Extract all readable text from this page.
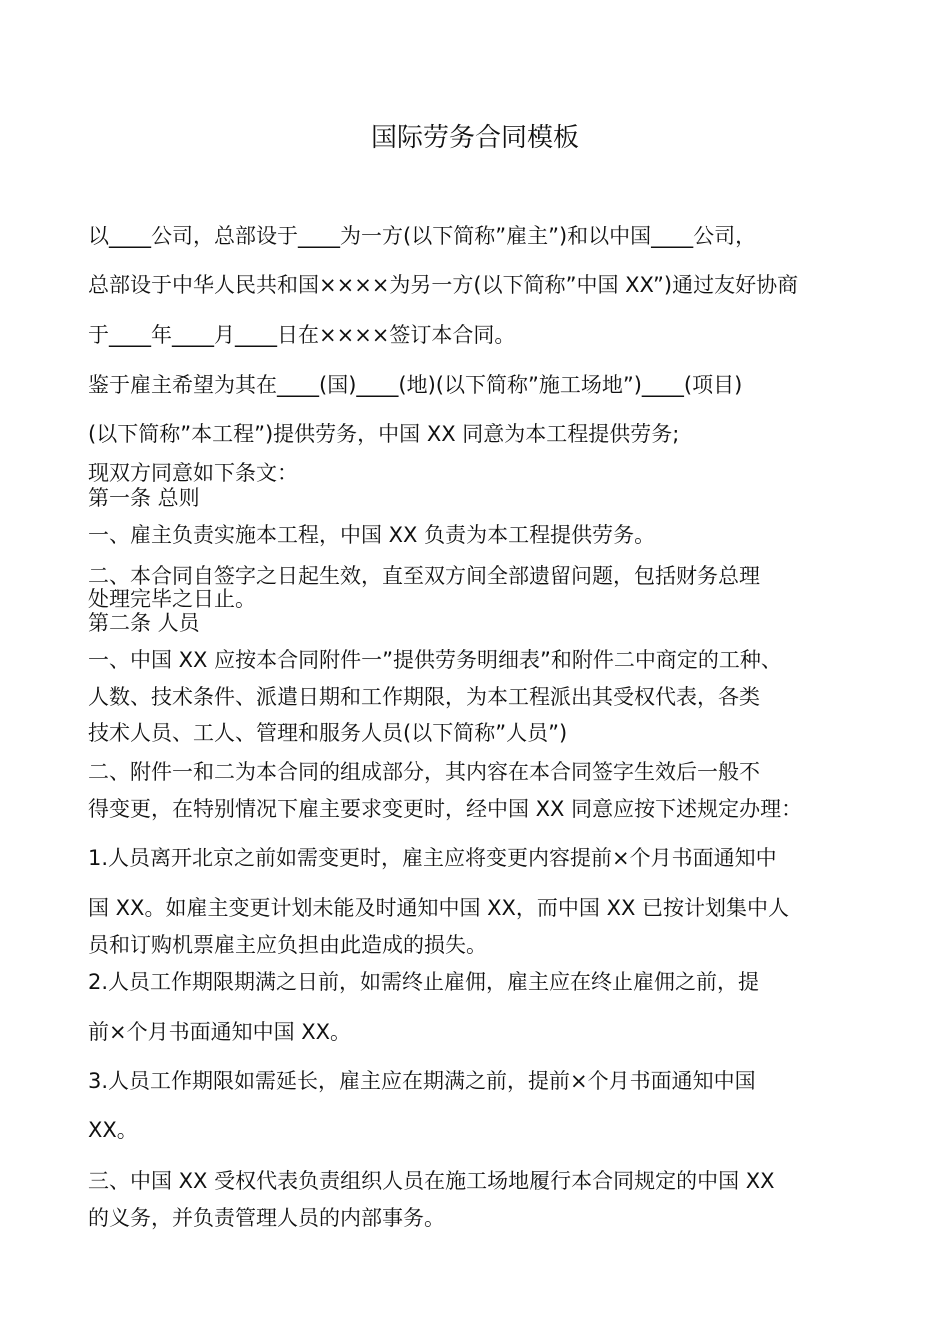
国际劳务合同模板
以____公司，总部设于____为一方(以下简称”雇主”)和以中国____公司，
总部设于中华人民共和国××××为另一方(以下简称”中国 XX”)通过友好协商
于____年____月____日在××××签订本合同。
鉴于雇主希望为其在____(国)____(地)(以下简称”施工场地”)____(项目)
(以下简称”本工程”)提供劳务，中国 XX 同意为本工程提供劳务;
现双方同意如下条文：
第一条 总则
一、雇主负责实施本工程，中国 XX 负责为本工程提供劳务。
二、本合同自签字之日起生效，直至双方间全部遗留问题，包括财务总理
处理完毕之日止。
第二条 人员
一、中国 XX 应按本合同附件一”提供劳务明细表”和附件二中商定的工种、
人数、技术条件、派遣日期和工作期限，为本工程派出其受权代表，各类
技术人员、工人、管理和服务人员(以下简称”人员”)
二、附件一和二为本合同的组成部分，其内容在本合同签字生效后一般不
得变更，在特别情况下雇主要求变更时，经中国 XX 同意应按下述规定办理：
1.人员离开北京之前如需变更时，雇主应将变更内容提前×个月书面通知中
国 XX。如雇主变更计划未能及时通知中国 XX，而中国 XX 已按计划集中人
员和订购机票雇主应负担由此造成的损失。
2.人员工作期限期满之日前，如需终止雇佣，雇主应在终止雇佣之前，提
前×个月书面通知中国 XX。
3.人员工作期限如需延长，雇主应在期满之前，提前×个月书面通知中国
XX。
三、中国 XX 受权代表负责组织人员在施工场地履行本合同规定的中国 XX
的义务，并负责管理人员的内部事务。
